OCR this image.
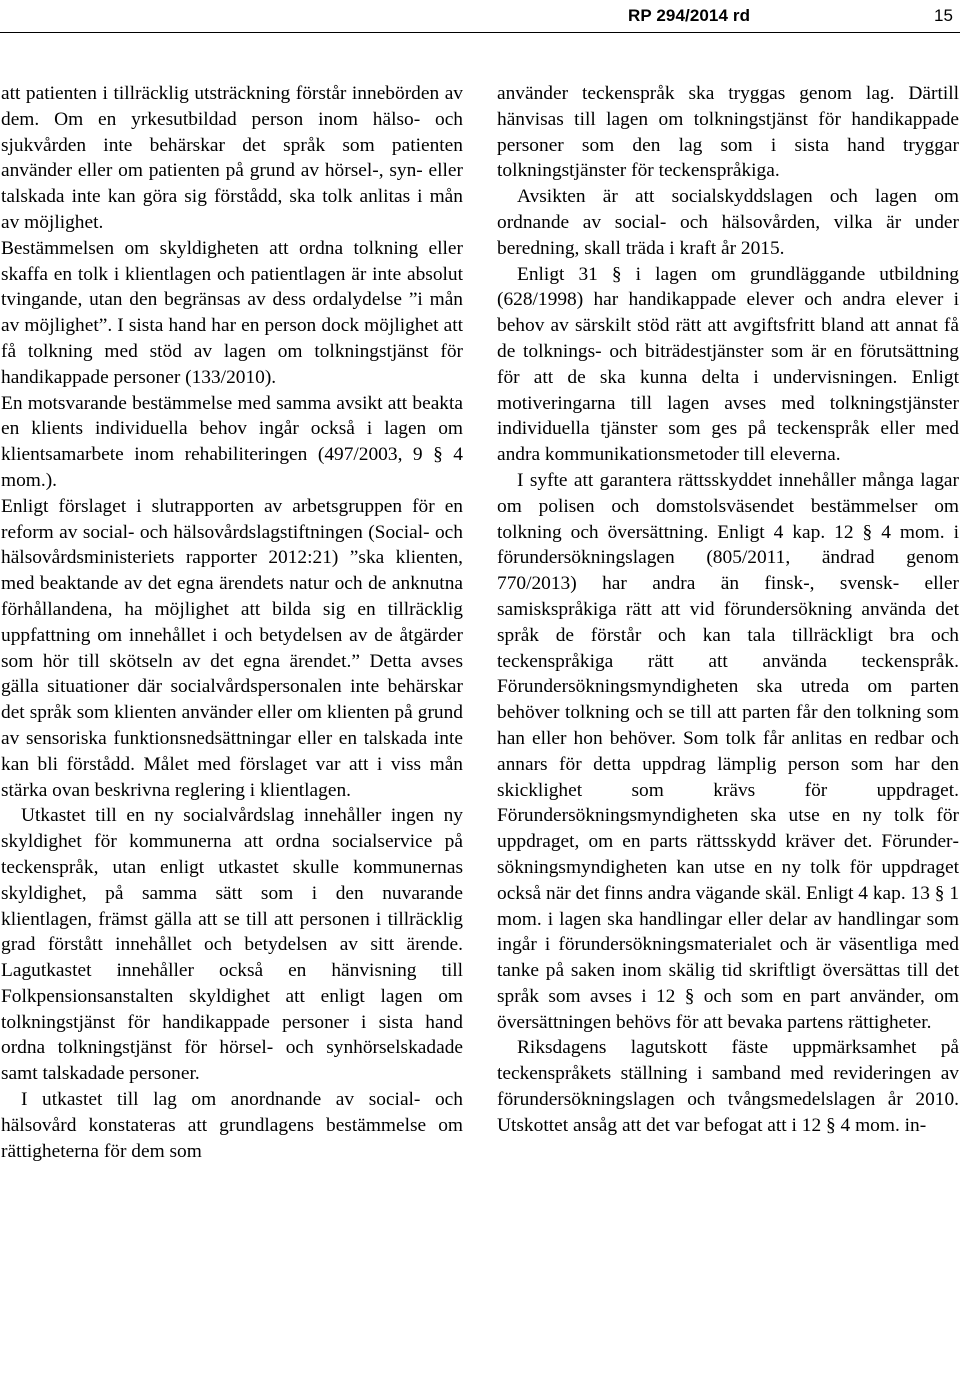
RP 294/2014 rd	15

att patienten i tillräcklig utsträckning förstår innebörden av dem. Om en yrkesutbildad person inom hälso- och sjukvården inte behärskar det språk som patienten använder eller om patienten på grund av hörsel-, syn- eller talskada inte kan göra sig förstådd, ska tolk anlitas i mån av möjlighet.

Bestämmelsen om skyldigheten att ordna tolkning eller skaffa en tolk i klientlagen och patientlagen är inte absolut tvingande, utan den begränsas av dess ordalydelse ”i mån av möjlighet”. I sista hand har en person dock möjlighet att få tolkning med stöd av lagen om tolkningstjänst för handikappade personer (133/2010).

En motsvarande bestämmelse med samma avsikt att beakta en klients individuella behov ingår också i lagen om klientsamarbete inom rehabiliteringen (497/2003, 9 § 4 mom.).

Enligt förslaget i slutrapporten av arbetsgruppen för en reform av social- och hälsovårdslagstiftningen (Social- och hälsovårdsministeriets rapporter 2012:21) ”ska klienten, med beaktande av det egna ärendets natur och de anknutna förhållandena, ha möjlighet att bilda sig en tillräcklig uppfattning om innehållet i och betydelsen av de åtgärder som hör till skötseln av det egna ärendet.” Detta avses gälla situationer där socialvårdspersonalen inte behärskar det språk som klienten använder eller om klienten på grund av sensoriska funktionsnedsättningar eller en talskada inte kan bli förstådd. Målet med förslaget var att i viss mån stärka ovan beskrivna reglering i klientlagen.

Utkastet till en ny socialvårdslag innehåller ingen ny skyldighet för kommunerna att ordna socialservice på teckenspråk, utan enligt utkastet skulle kommunernas skyldighet, på samma sätt som i den nuvarande klientlagen, främst gälla att se till att personen i tillräcklig grad förstått innehållet och betydelsen av sitt ärende. Lagutkastet innehåller också en hänvisning till Folkpensionsanstalten skyldighet att enligt lagen om tolkningstjänst för handikappade personer i sista hand ordna tolkningstjänst för hörsel- och synhörselskadade samt talskadade personer.

I utkastet till lag om anordnande av social- och hälsovård konstateras att grundlagens bestämmelse om rättigheterna för dem som

använder teckenspråk ska tryggas genom lag. Därtill hänvisas till lagen om tolkningstjänst för handikappade personer som den lag som i sista hand tryggar tolkningstjänster för teckenspråkiga.

Avsikten är att socialskyddslagen och lagen om ordnande av social- och hälsovården, vilka är under beredning, skall träda i kraft år 2015.

Enligt 31 § i lagen om grundläggande utbildning (628/1998) har handikappade elever och andra elever i behov av särskilt stöd rätt att avgiftsfritt bland att annat få de tolknings- och biträdestjänster som är en förutsättning för att de ska kunna delta i undervisningen. Enligt motiveringarna till lagen avses med tolkningstjänster individuella tjänster som ges på teckenspråk eller med andra kommunikationsmetoder till eleverna.

I syfte att garantera rättsskyddet innehåller många lagar om polisen och domstolsväsendet bestämmelser om tolkning och översättning. Enligt 4 kap. 12 § 4 mom. i förundersökningslagen (805/2011, ändrad genom 770/2013) har andra än finsk-, svensk- eller samiskspråkiga rätt att vid förundersökning använda det språk de förstår och kan tala tillräckligt bra och teckenspråkiga rätt att använda teckenspråk. Förundersökningsmyndigheten ska utreda om parten behöver tolkning och se till att parten får den tolkning som han eller hon behöver. Som tolk får anlitas en redbar och annars för detta uppdrag lämplig person som har den skicklighet som krävs för uppdraget. Förundersökningsmyndigheten ska utse en ny tolk för uppdraget, om en parts rättsskydd kräver det. Förundersökningsmyndigheten kan utse en ny tolk för uppdraget också när det finns andra vägande skäl. Enligt 4 kap. 13 § 1 mom. i lagen ska handlingar eller delar av handlingar som ingår i förundersökningsmaterialet och är väsentliga med tanke på saken inom skälig tid skriftligt översättas till det språk som avses i 12 § och som en part använder, om översättningen behövs för att bevaka partens rättigheter.

Riksdagens lagutskott fäste uppmärksamhet på teckenspråkets ställning i samband med revideringen av förundersökningslagen och tvångsmedelslagen år 2010. Utskottet ansåg att det var befogat att i 12 § 4 mom. in-
